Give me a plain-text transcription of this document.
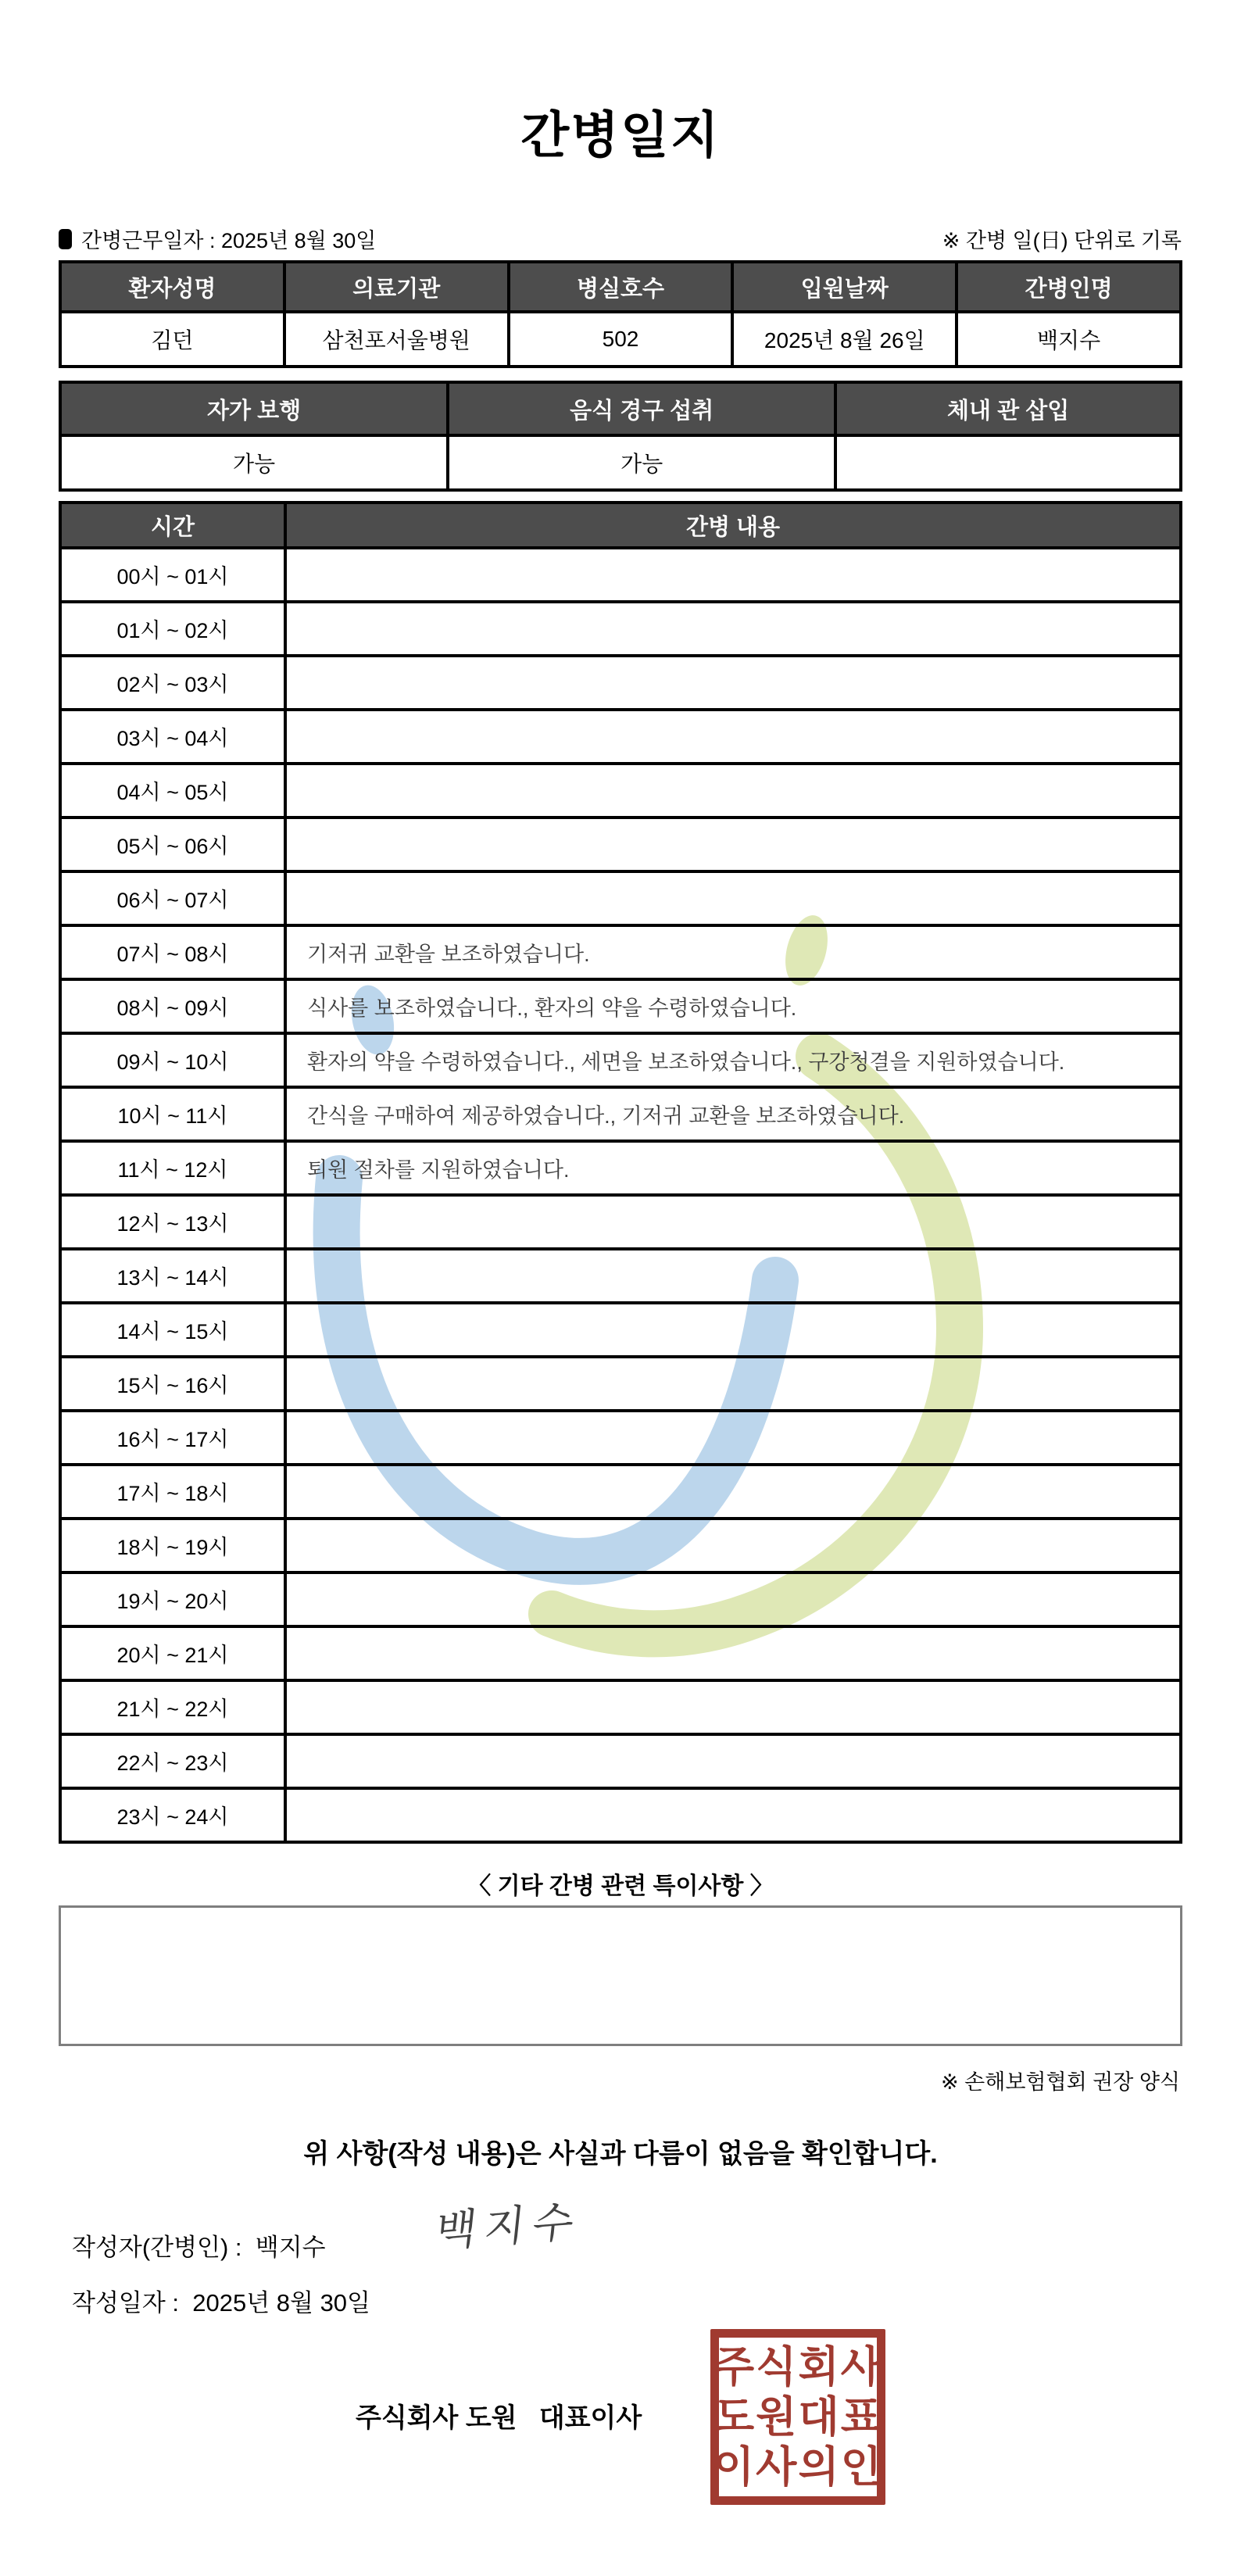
간병일지
간병근무일자 : 2025년 8월 30일	※ 간병 일(日) 단위로 기록
환자성명	의료기관	병실호수	입원날짜	간병인명
김던	삼천포서울병원	502	2025년 8월 26일	백지수
자가 보행	음식 경구 섭취	체내 관 삽입
가능	가능
시간	간병 내용
00시 ~ 01시
01시 ~ 02시
02시 ~ 03시
03시 ~ 04시
04시 ~ 05시
05시 ~ 06시
06시 ~ 07시
07시 ~ 08시	기저귀 교환을 보조하였습니다.
08시 ~ 09시	식사를 보조하였습니다., 환자의 약을 수령하였습니다.
09시 ~ 10시	환자의 약을 수령하였습니다., 세면을 보조하였습니다., 구강청결을 지원하였습니다.
10시 ~ 11시	간식을 구매하여 제공하였습니다., 기저귀 교환을 보조하였습니다.
11시 ~ 12시	퇴원 절차를 지원하였습니다.
12시 ~ 13시
13시 ~ 14시
14시 ~ 15시
15시 ~ 16시
16시 ~ 17시
17시 ~ 18시
18시 ~ 19시
19시 ~ 20시
20시 ~ 21시
21시 ~ 22시
22시 ~ 23시
23시 ~ 24시
〈 기타 간병 관련 특이사항 〉
※ 손해보험협회 권장 양식
위 사항(작성 내용)은 사실과 다름이 없음을 확인합니다.
작성자(간병인) :  백지수	백지수
작성일자 :  2025년 8월 30일
주식회사 도원   대표이사
주식회사
도원대표
이사의인
